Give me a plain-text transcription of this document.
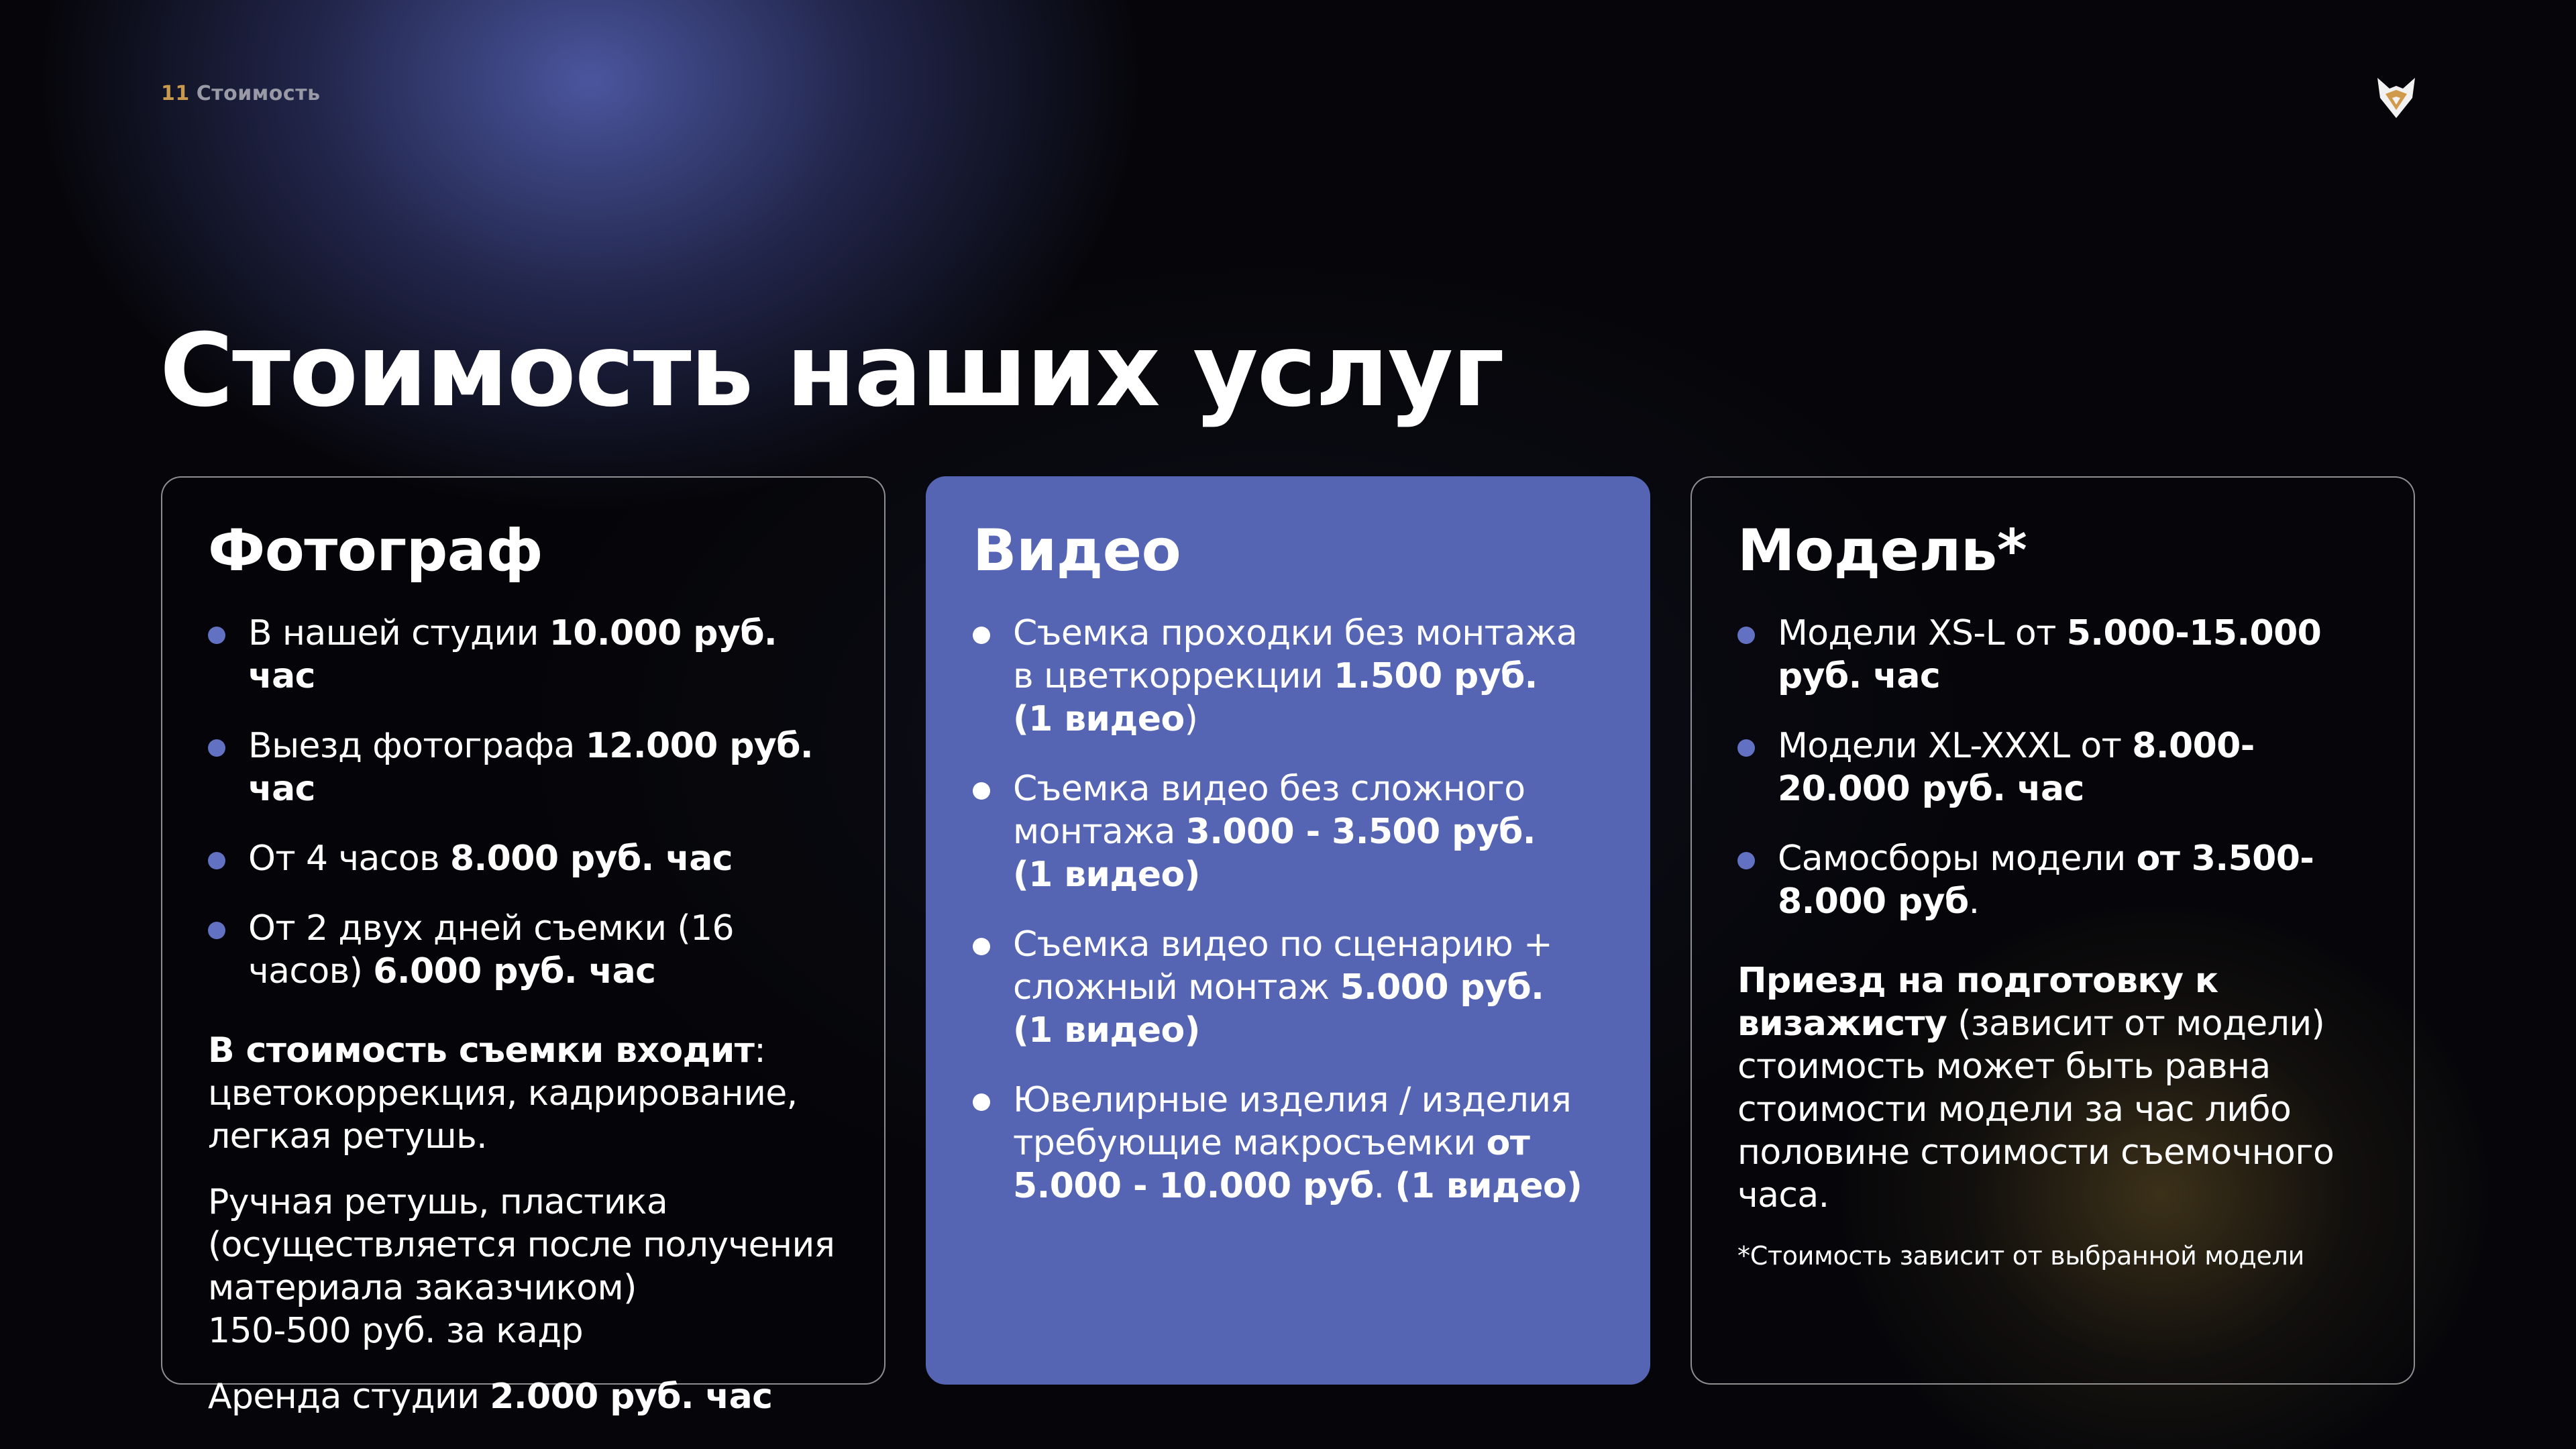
11 Стоимость
Стоимость наших услуг
Фотограф
В нашей студии 10.000 руб. час
Выезд фотографа 12.000 руб. час
От 4 часов 8.000 руб. час
От 2 двух дней съемки (16 часов) 6.000 руб. час

В стоимость съемки входит: цветокоррекция, кадрирование, легкая ретушь.

Ручная ретушь, пластика (осуществляется после получения материала заказчиком)
150-500 руб. за кадр

Аренда студии 2.000 руб. час

Видео
Съемка проходки без монтажа в цветкоррекции 1.500 руб.
(1 видео)
Съемка видео без сложного монтажа 3.000 - 3.500 руб.
(1 видео)
Съемка видео по сценарию + сложный монтаж 5.000 руб.
(1 видео)
Ювелирные изделия / изделия требующие макросъемки от 5.000 - 10.000 руб. (1 видео)
Модель*
Модели XS-L от 5.000-15.000 руб. час
Модели XL-XXXL от 8.000-20.000 руб. час
Самосборы модели от 3.500-8.000 руб.

Приезд на подготовку к визажисту (зависит от модели) стоимость может быть равна стоимости модели за час либо половине стоимости съемочного часа.

*Стоимость зависит от выбранной модели
